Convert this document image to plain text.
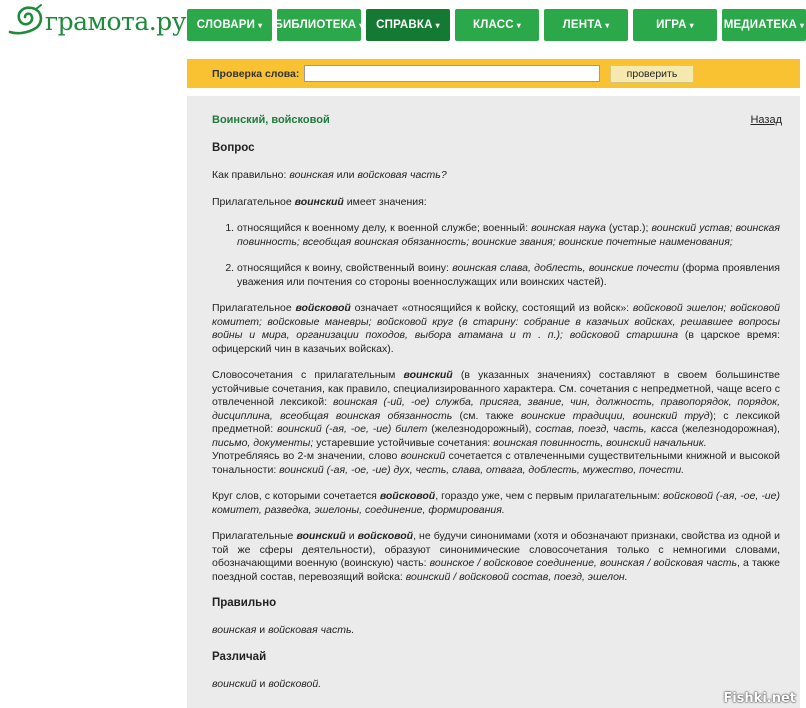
грамота.ру СЛОВАРИ ▾ БИБЛИОТЕКА ▾ СПРАВКА ▾	КЛАСС ▾	ЛЕНТА ▾	ИГРА ▾	МЕДИАТЕКА ▾
Проверка слова:	проверить
Воинский, войсковой	Назад
Вопрос

Как правильно: воинская или войсковая часть?

Прилагательное воинский имеет значения:

1. относящийся к военному делу, к военной службе; военный: воинская наука (устар.); воинский устав; воинская повинность; всеобщая воинская обязанность; воинские звания; воинские почетные наименования;
2. относящийся к воину, свойственный воину: воинская слава, доблесть, воинские почести (форма проявления уважения или почтения со стороны военнослужащих или воинских частей).

Прилагательное войсковой означает «относящийся к войску, состоящий из войск»: войсковой эшелон; войсковой комитет; войсковые маневры; войсковой круг (в старину: собрание в казачьих войсках, решавшее вопросы войны и мира, организации походов, выбора атамана и т . п.); войсковой старшина (в царское время: офицерский чин в казачьих войсках).

Словосочетания с прилагательным воинский (в указанных значениях) составляют в своем большинстве устойчивые сочетания, как правило, специализированного характера. См. сочетания с непредметной, чаще всего с отвлеченной лексикой: воинская (-ий, -ое) служба, присяга, звание, чин, должность, правопорядок, порядок, дисциплина, всеобщая воинская обязанность (см. также воинские традиции, воинский труд); с лексикой предметной: воинский (-ая, -ое, -ие) билет (железнодорожный), состав, поезд, часть, касса (железнодорожная), письмо, документы; устаревшие устойчивые сочетания: воинская повинность, воинский начальник.

Употребляясь во 2-м значении, слово воинский сочетается с отвлеченными существительными книжной и высокой тональности: воинский (-ая, -ое, -ие) дух, честь, слава, отвага, доблесть, мужество, почести.

Круг слов, с которыми сочетается войсковой, гораздо уже, чем с первым прилагательным: войсковой (-ая, -ое, -ие) комитет, разведка, эшелоны, соединение, формирования.

Прилагательные воинский и войсковой, не будучи синонимами (хотя и обозначают признаки, свойства из одной и той же сферы деятельности), образуют синонимические словосочетания только с немногими словами, обозначающими военную (воинскую) часть: воинское / войсковое соединение, воинская / войсковая часть, а также поездной состав, перевозящий войска: воинский / войсковой состав, поезд, эшелон.

Правильно

воинская и войсковая часть.

Различай

воинский и войсковой.

Fishki.net
